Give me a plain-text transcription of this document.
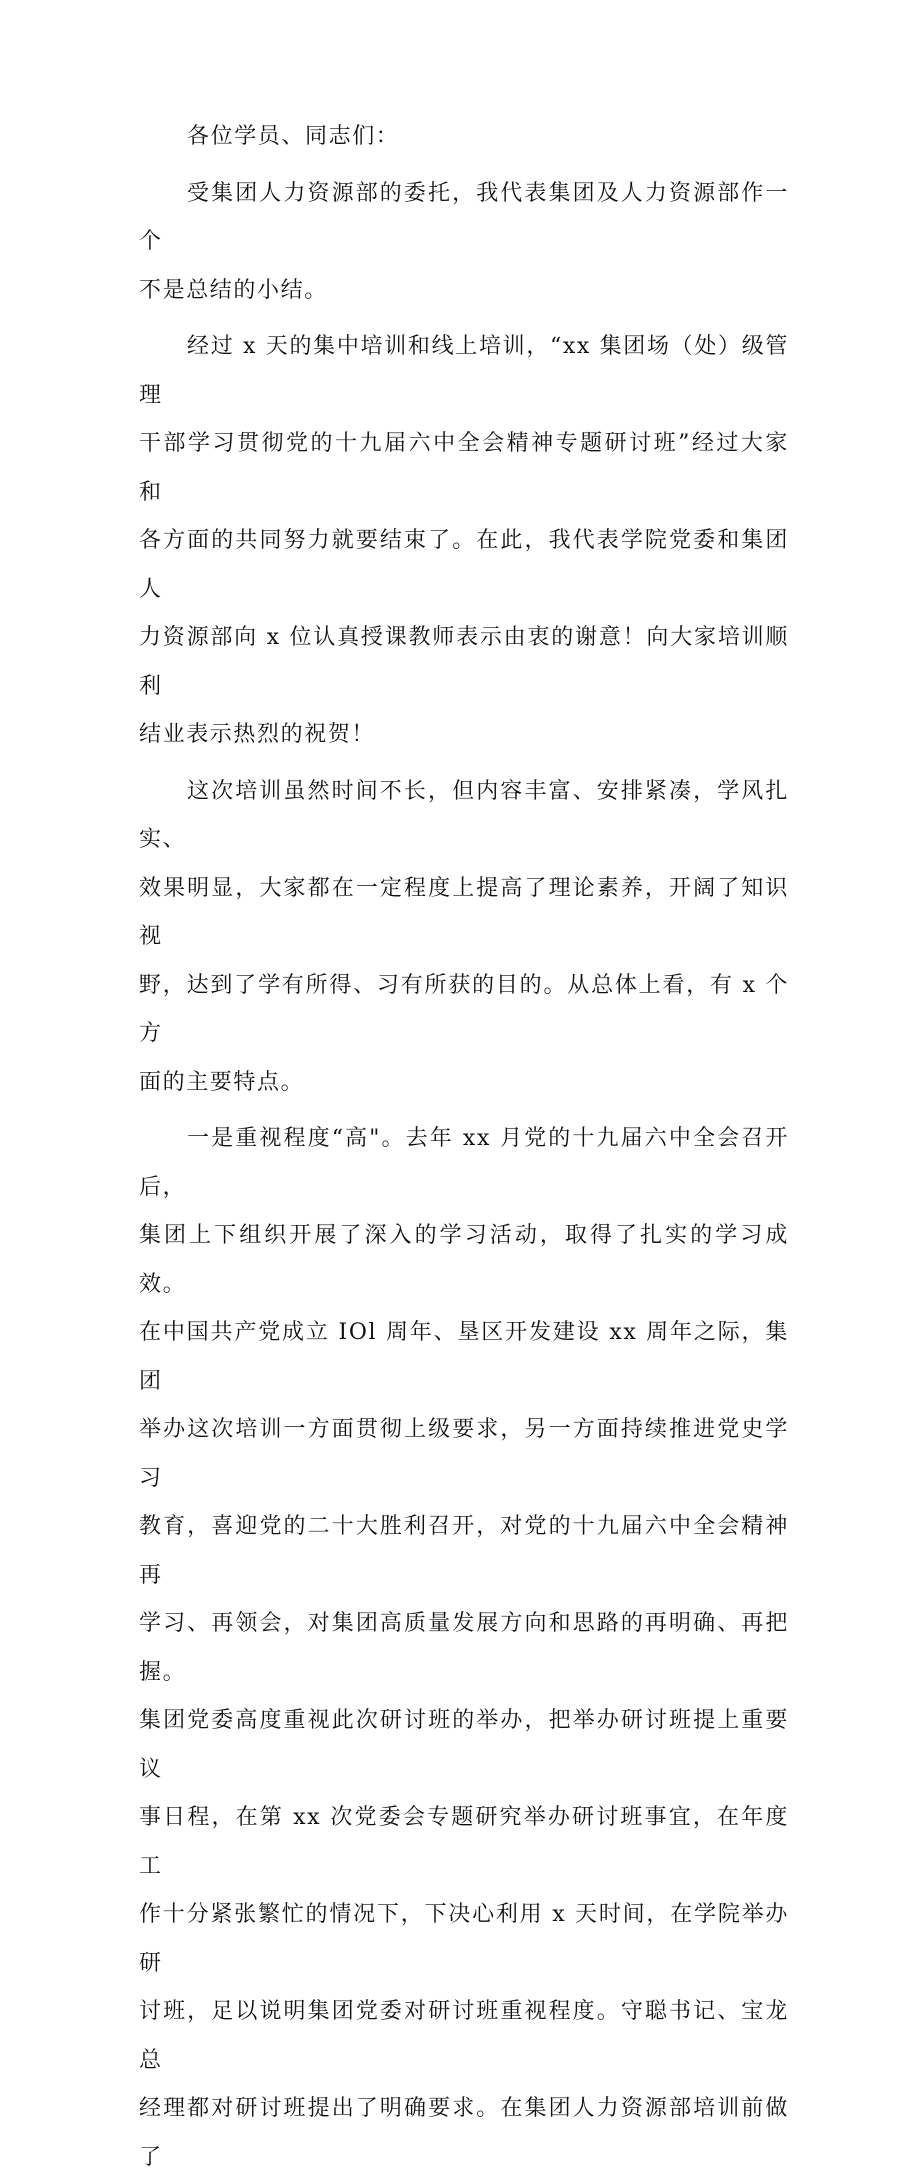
各位学员、同志们：

受集团人力资源部的委托，我代表集团及人力资源部作一个
不是总结的小结。

经过 x 天的集中培训和线上培训，“xx 集团场（处）级管理
干部学习贯彻党的十九届六中全会精神专题研讨班”经过大家和
各方面的共同努力就要结束了。在此，我代表学院党委和集团人
力资源部向 x 位认真授课教师表示由衷的谢意！向大家培训顺利
结业表示热烈的祝贺！

这次培训虽然时间不长，但内容丰富、安排紧凑，学风扎实、
效果明显，大家都在一定程度上提高了理论素养，开阔了知识视
野，达到了学有所得、习有所获的目的。从总体上看，有 x 个方
面的主要特点。

一是重视程度“高"。去年 xx 月党的十九届六中全会召开后，
集团上下组织开展了深入的学习活动，取得了扎实的学习成效。
在中国共产党成立 IOl 周年、垦区开发建设 xx 周年之际，集团
举办这次培训一方面贯彻上级要求，另一方面持续推进党史学习
教育，喜迎党的二十大胜利召开，对党的十九届六中全会精神再
学习、再领会，对集团高质量发展方向和思路的再明确、再把握。
集团党委高度重视此次研讨班的举办，把举办研讨班提上重要议
事日程，在第 xx 次党委会专题研究举办研讨班事宜，在年度工
作十分紧张繁忙的情况下，下决心利用 x 天时间，在学院举办研
讨班，足以说明集团党委对研讨班重视程度。守聪书记、宝龙总
经理都对研讨班提出了明确要求。在集团人力资源部培训前做了
